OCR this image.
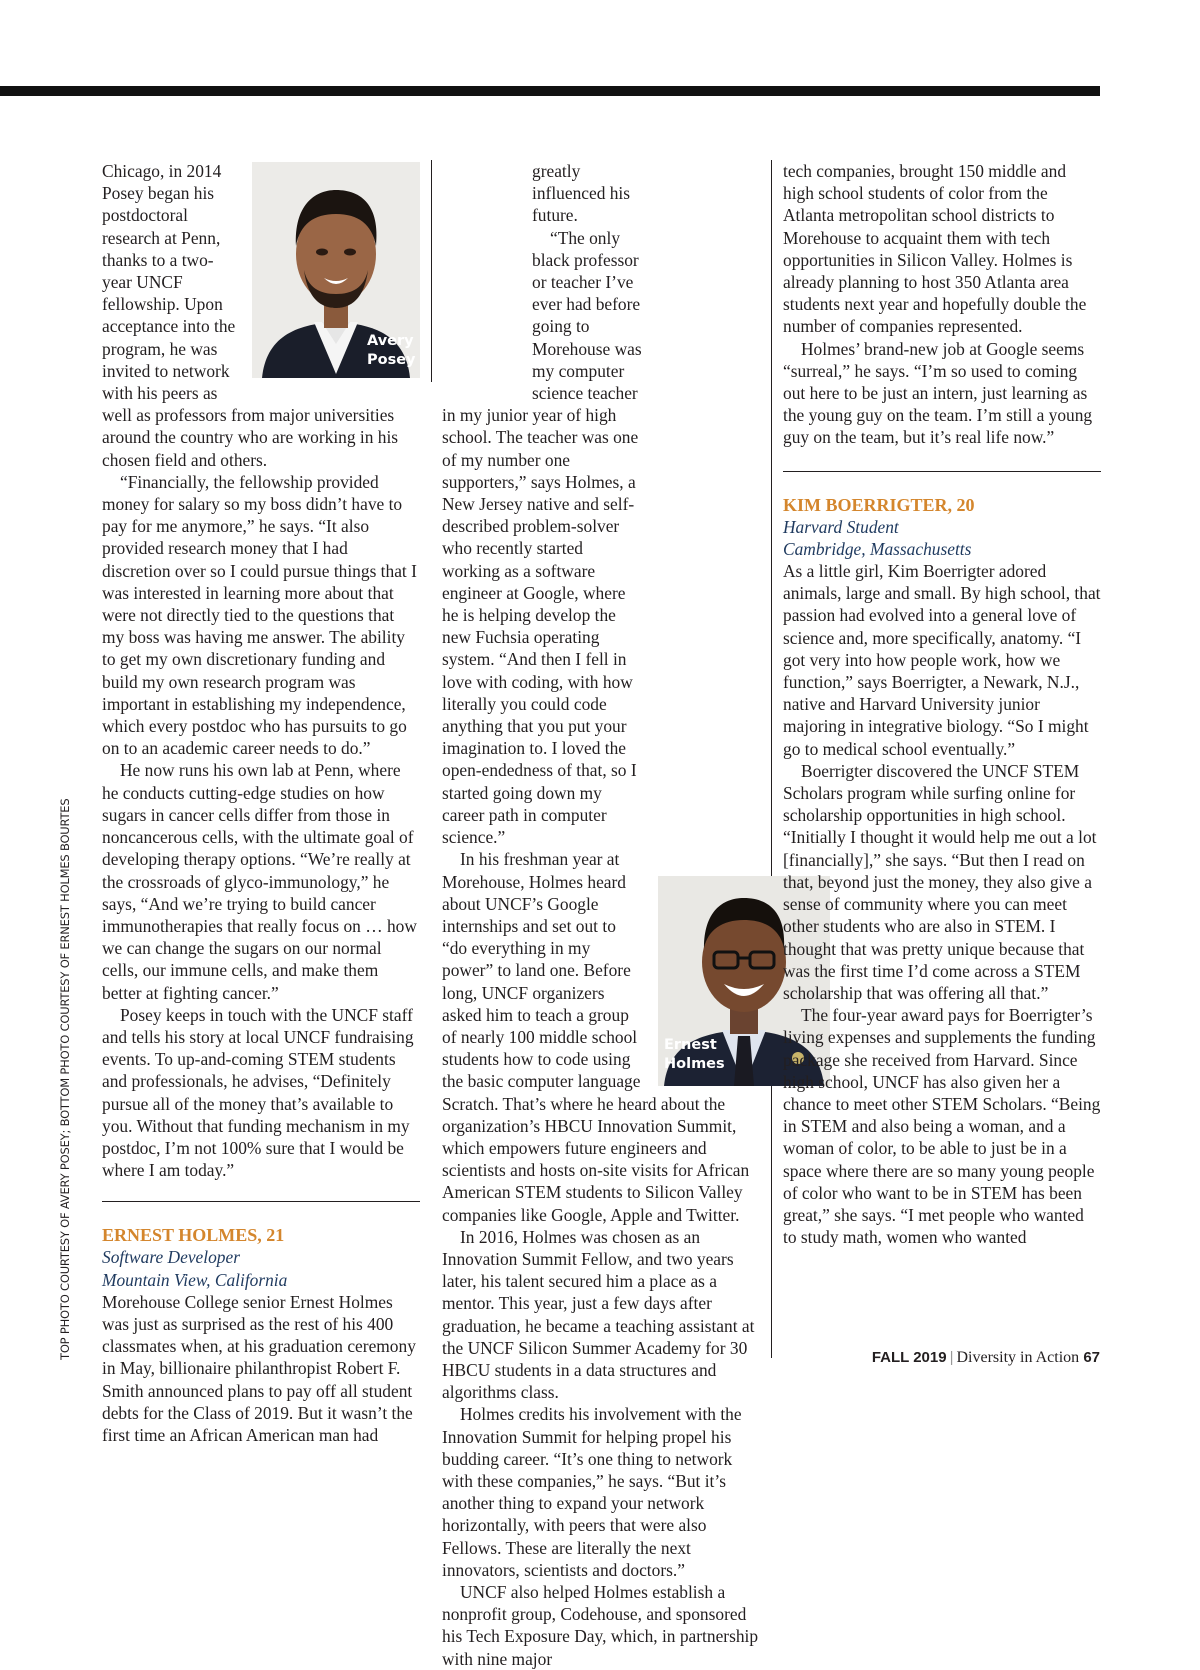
TOP PHOTO COURTESY OF AVERY POSEY; BOTTOM PHOTO COURTESY OF ERNEST HOLMES BOURTES
Avery
Posey

Chicago, in 2014 Posey began his postdoctoral research at Penn, thanks to a two-year UNCF fellowship. Upon acceptance into the program, he was invited to network with his peers as well as professors from major universities around the country who are working in his chosen field and others.

“Financially, the fellowship provided money for salary so my boss didn’t have to pay for me anymore,” he says. “It also provided research money that I had discretion over so I could pursue things that I was interested in learning more about that were not directly tied to the questions that my boss was having me answer. The ability to get my own discretionary funding and build my own research program was important in establishing my independence, which every postdoc who has pursuits to go on to an academic career needs to do.”

He now runs his own lab at Penn, where he conducts cutting-edge studies on how sugars in cancer cells differ from those in noncancerous cells, with the ultimate goal of developing therapy options. “We’re really at the crossroads of glyco-immunology,” he says, “And we’re trying to build cancer immunotherapies that really focus on … how we can change the sugars on our normal cells, our immune cells, and make them better at fighting cancer.”

Posey keeps in touch with the UNCF staff and tells his story at local UNCF fundraising events. To up-and-coming STEM students and professionals, he advises, “Definitely pursue all of the money that’s available to you. Without that funding mechanism in my postdoc, I’m not 100% sure that I would be where I am today.”

ERNEST HOLMES, 21
Software Developer
Mountain View, California

Morehouse College senior Ernest Holmes was just as surprised as the rest of his 400 classmates when, at his graduation ceremony in May, billionaire philanthropist Robert F. Smith announced plans to pay off all student debts for the Class of 2019. But it wasn’t the first time an African American man had

Ernest
Holmes

greatly influenced his future.

“The only black professor or teacher I’ve ever had before going to Morehouse was my computer science teacher in my junior year of high school. The teacher was one of my number one supporters,” says Holmes, a New Jersey native and self-described problem-solver who recently started working as a software engineer at Google, where he is helping develop the new Fuchsia operating system. “And then I fell in love with coding, with how literally you could code anything that you put your imagination to. I loved the open-endedness of that, so I started going down my career path in computer science.”

In his freshman year at Morehouse, Holmes heard about UNCF’s Google internships and set out to “do everything in my power” to land one. Before long, UNCF organizers asked him to teach a group of nearly 100 middle school students how to code using the basic computer language Scratch. That’s where he heard about the organization’s HBCU Innovation Summit, which empowers future engineers and scientists and hosts on-site visits for African American STEM students to Silicon Valley companies like Google, Apple and Twitter.

In 2016, Holmes was chosen as an Innovation Summit Fellow, and two years later, his talent secured him a place as a mentor. This year, just a few days after graduation, he became a teaching assistant at the UNCF Silicon Summer Academy for 30 HBCU students in a data structures and algorithms class.

Holmes credits his involvement with the Innovation Summit for helping propel his budding career. “It’s one thing to network with these companies,” he says. “But it’s another thing to expand your network horizontally, with peers that were also Fellows. These are literally the next innovators, scientists and doctors.”

UNCF also helped Holmes establish a nonprofit group, Codehouse, and sponsored his Tech Exposure Day, which, in partnership with nine major

tech companies, brought 150 middle and high school students of color from the Atlanta metropolitan school districts to Morehouse to acquaint them with tech opportunities in Silicon Valley. Holmes is already planning to host 350 Atlanta area students next year and hopefully double the number of companies represented.

Holmes’ brand-new job at Google seems “surreal,” he says. “I’m so used to coming out here to be just an intern, just learning as the young guy on the team. I’m still a young guy on the team, but it’s real life now.”

KIM BOERRIGTER, 20
Harvard Student
Cambridge, Massachusetts

As a little girl, Kim Boerrigter adored animals, large and small. By high school, that passion had evolved into a general love of science and, more specifically, anatomy. “I got very into how people work, how we function,” says Boerrigter, a Newark, N.J., native and Harvard University junior majoring in integrative biology. “So I might go to medical school eventually.”

Boerrigter discovered the UNCF STEM Scholars program while surfing online for scholarship opportunities in high school. “Initially I thought it would help me out a lot [financially],” she says. “But then I read on that, beyond just the money, they also give a sense of community where you can meet other students who are also in STEM. I thought that was pretty unique because that was the first time I’d come across a STEM scholarship that was offering all that.”

The four-year award pays for Boerrigter’s living expenses and supplements the funding package she received from Harvard. Since high school, UNCF has also given her a chance to meet other STEM Scholars. “Being in STEM and also being a woman, and a woman of color, to be able to just be in a space where there are so many young people of color who want to be in STEM has been great,” she says. “I met people who wanted to study math, women who wanted

FALL 2019 | Diversity in Action 67
